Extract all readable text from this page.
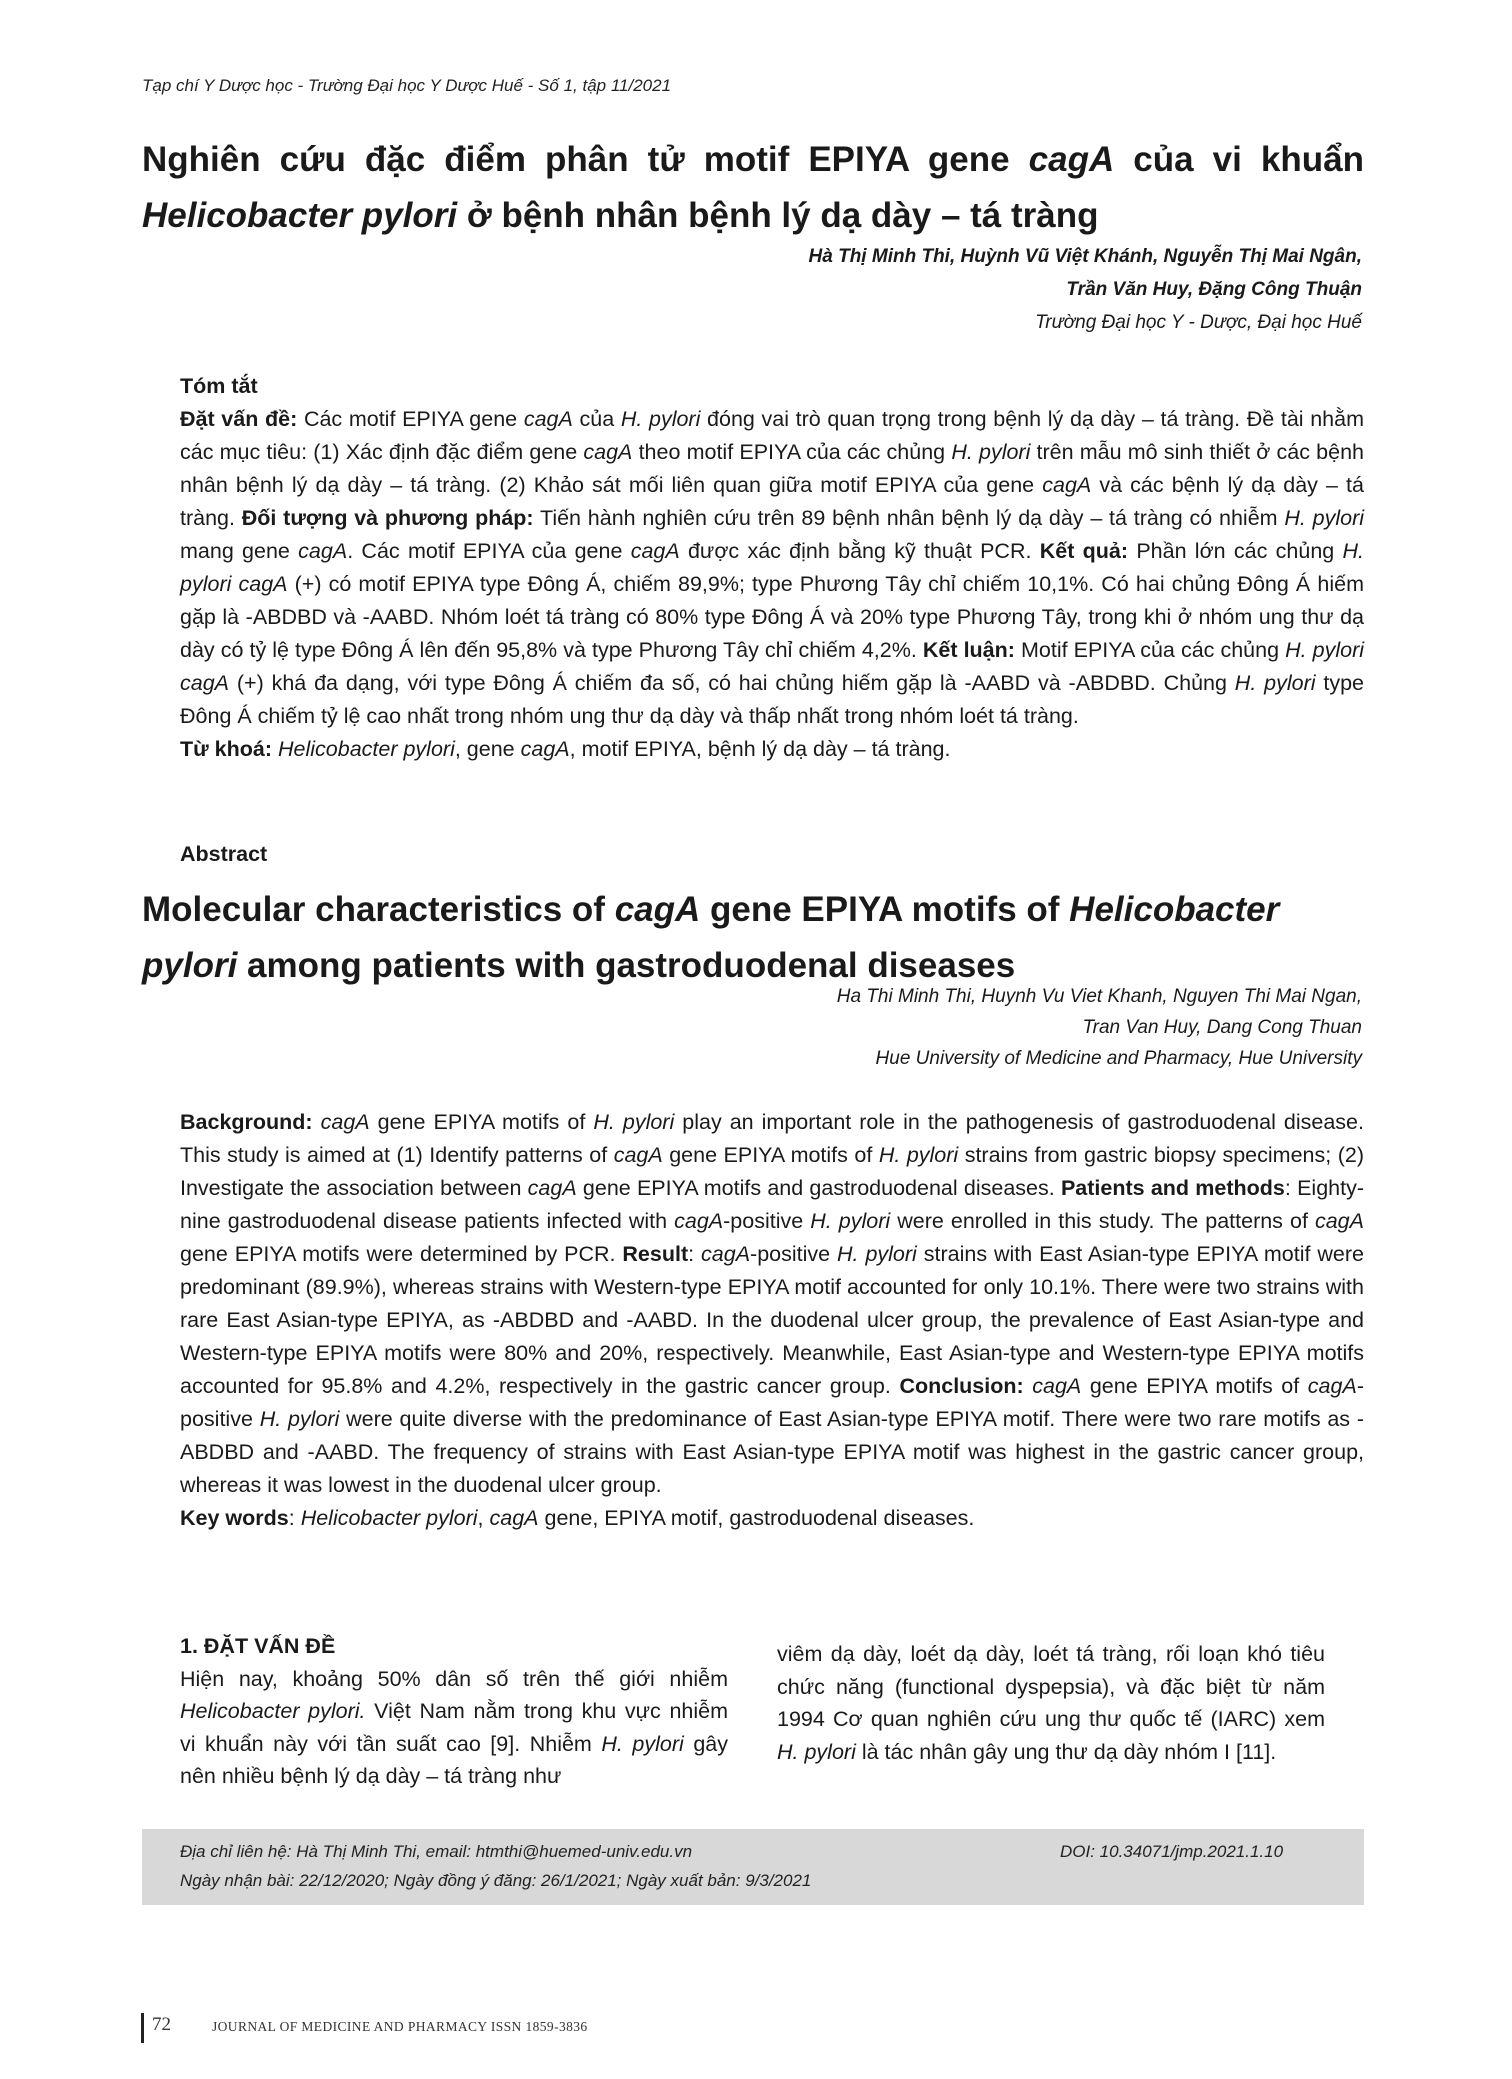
Tạp chí Y Dược học - Trường Đại học Y Dược Huế - Số 1, tập 11/2021
Nghiên cứu đặc điểm phân tử motif EPIYA gene cagA của vi khuẩn Helicobacter pylori ở bệnh nhân bệnh lý dạ dày – tá tràng
Hà Thị Minh Thi, Huỳnh Vũ Việt Khánh, Nguyễn Thị Mai Ngân,
Trần Văn Huy, Đặng Công Thuận
Trường Đại học Y - Dược, Đại học Huế

Tóm tắt

Đặt vấn đề: Các motif EPIYA gene cagA của H. pylori đóng vai trò quan trọng trong bệnh lý dạ dày – tá tràng. Đề tài nhằm các mục tiêu: (1) Xác định đặc điểm gene cagA theo motif EPIYA của các chủng H. pylori trên mẫu mô sinh thiết ở các bệnh nhân bệnh lý dạ dày – tá tràng. (2) Khảo sát mối liên quan giữa motif EPIYA của gene cagA và các bệnh lý dạ dày – tá tràng. Đối tượng và phương pháp: Tiến hành nghiên cứu trên 89 bệnh nhân bệnh lý dạ dày – tá tràng có nhiễm H. pylori mang gene cagA. Các motif EPIYA của gene cagA được xác định bằng kỹ thuật PCR. Kết quả: Phần lớn các chủng H. pylori cagA (+) có motif EPIYA type Đông Á, chiếm 89,9%; type Phương Tây chỉ chiếm 10,1%. Có hai chủng Đông Á hiếm gặp là -ABDBD và -AABD. Nhóm loét tá tràng có 80% type Đông Á và 20% type Phương Tây, trong khi ở nhóm ung thư dạ dày có tỷ lệ type Đông Á lên đến 95,8% và type Phương Tây chỉ chiếm 4,2%. Kết luận: Motif EPIYA của các chủng H. pylori cagA (+) khá đa dạng, với type Đông Á chiếm đa số, có hai chủng hiếm gặp là -AABD và -ABDBD. Chủng H. pylori type Đông Á chiếm tỷ lệ cao nhất trong nhóm ung thư dạ dày và thấp nhất trong nhóm loét tá tràng.

Từ khoá: Helicobacter pylori, gene cagA, motif EPIYA, bệnh lý dạ dày – tá tràng.

Abstract
Molecular characteristics of cagA gene EPIYA motifs of Helicobacter pylori among patients with gastroduodenal diseases
Ha Thi Minh Thi, Huynh Vu Viet Khanh, Nguyen Thi Mai Ngan,
Tran Van Huy, Dang Cong Thuan
Hue University of Medicine and Pharmacy, Hue University

Background: cagA gene EPIYA motifs of H. pylori play an important role in the pathogenesis of gastroduodenal disease. This study is aimed at (1) Identify patterns of cagA gene EPIYA motifs of H. pylori strains from gastric biopsy specimens; (2) Investigate the association between cagA gene EPIYA motifs and gastroduodenal diseases. Patients and methods: Eighty-nine gastroduodenal disease patients infected with cagA-positive H. pylori were enrolled in this study. The patterns of cagA gene EPIYA motifs were determined by PCR. Result: cagA-positive H. pylori strains with East Asian-type EPIYA motif were predominant (89.9%), whereas strains with Western-type EPIYA motif accounted for only 10.1%. There were two strains with rare East Asian-type EPIYA, as -ABDBD and -AABD. In the duodenal ulcer group, the prevalence of East Asian-type and Western-type EPIYA motifs were 80% and 20%, respectively. Meanwhile, East Asian-type and Western-type EPIYA motifs accounted for 95.8% and 4.2%, respectively in the gastric cancer group. Conclusion: cagA gene EPIYA motifs of cagA-positive H. pylori were quite diverse with the predominance of East Asian-type EPIYA motif. There were two rare motifs as -ABDBD and -AABD. The frequency of strains with East Asian-type EPIYA motif was highest in the gastric cancer group, whereas it was lowest in the duodenal ulcer group.

Key words: Helicobacter pylori, cagA gene, EPIYA motif, gastroduodenal diseases.

1. ĐẶT VẤN ĐỀ

Hiện nay, khoảng 50% dân số trên thế giới nhiễm Helicobacter pylori. Việt Nam nằm trong khu vực nhiễm vi khuẩn này với tần suất cao [9]. Nhiễm H. pylori gây nên nhiều bệnh lý dạ dày – tá tràng như

viêm dạ dày, loét dạ dày, loét tá tràng, rối loạn khó tiêu chức năng (functional dyspepsia), và đặc biệt từ năm 1994 Cơ quan nghiên cứu ung thư quốc tế (IARC) xem H. pylori là tác nhân gây ung thư dạ dày nhóm I [11].

Địa chỉ liên hệ: Hà Thị Minh Thi, email: htmthi@huemed-univ.edu.vn	DOI: 10.34071/jmp.2021.1.10
Ngày nhận bài: 22/12/2020; Ngày đồng ý đăng: 26/1/2021; Ngày xuất bản: 9/3/2021
72	JOURNAL OF MEDICINE AND PHARMACY ISSN 1859-3836
